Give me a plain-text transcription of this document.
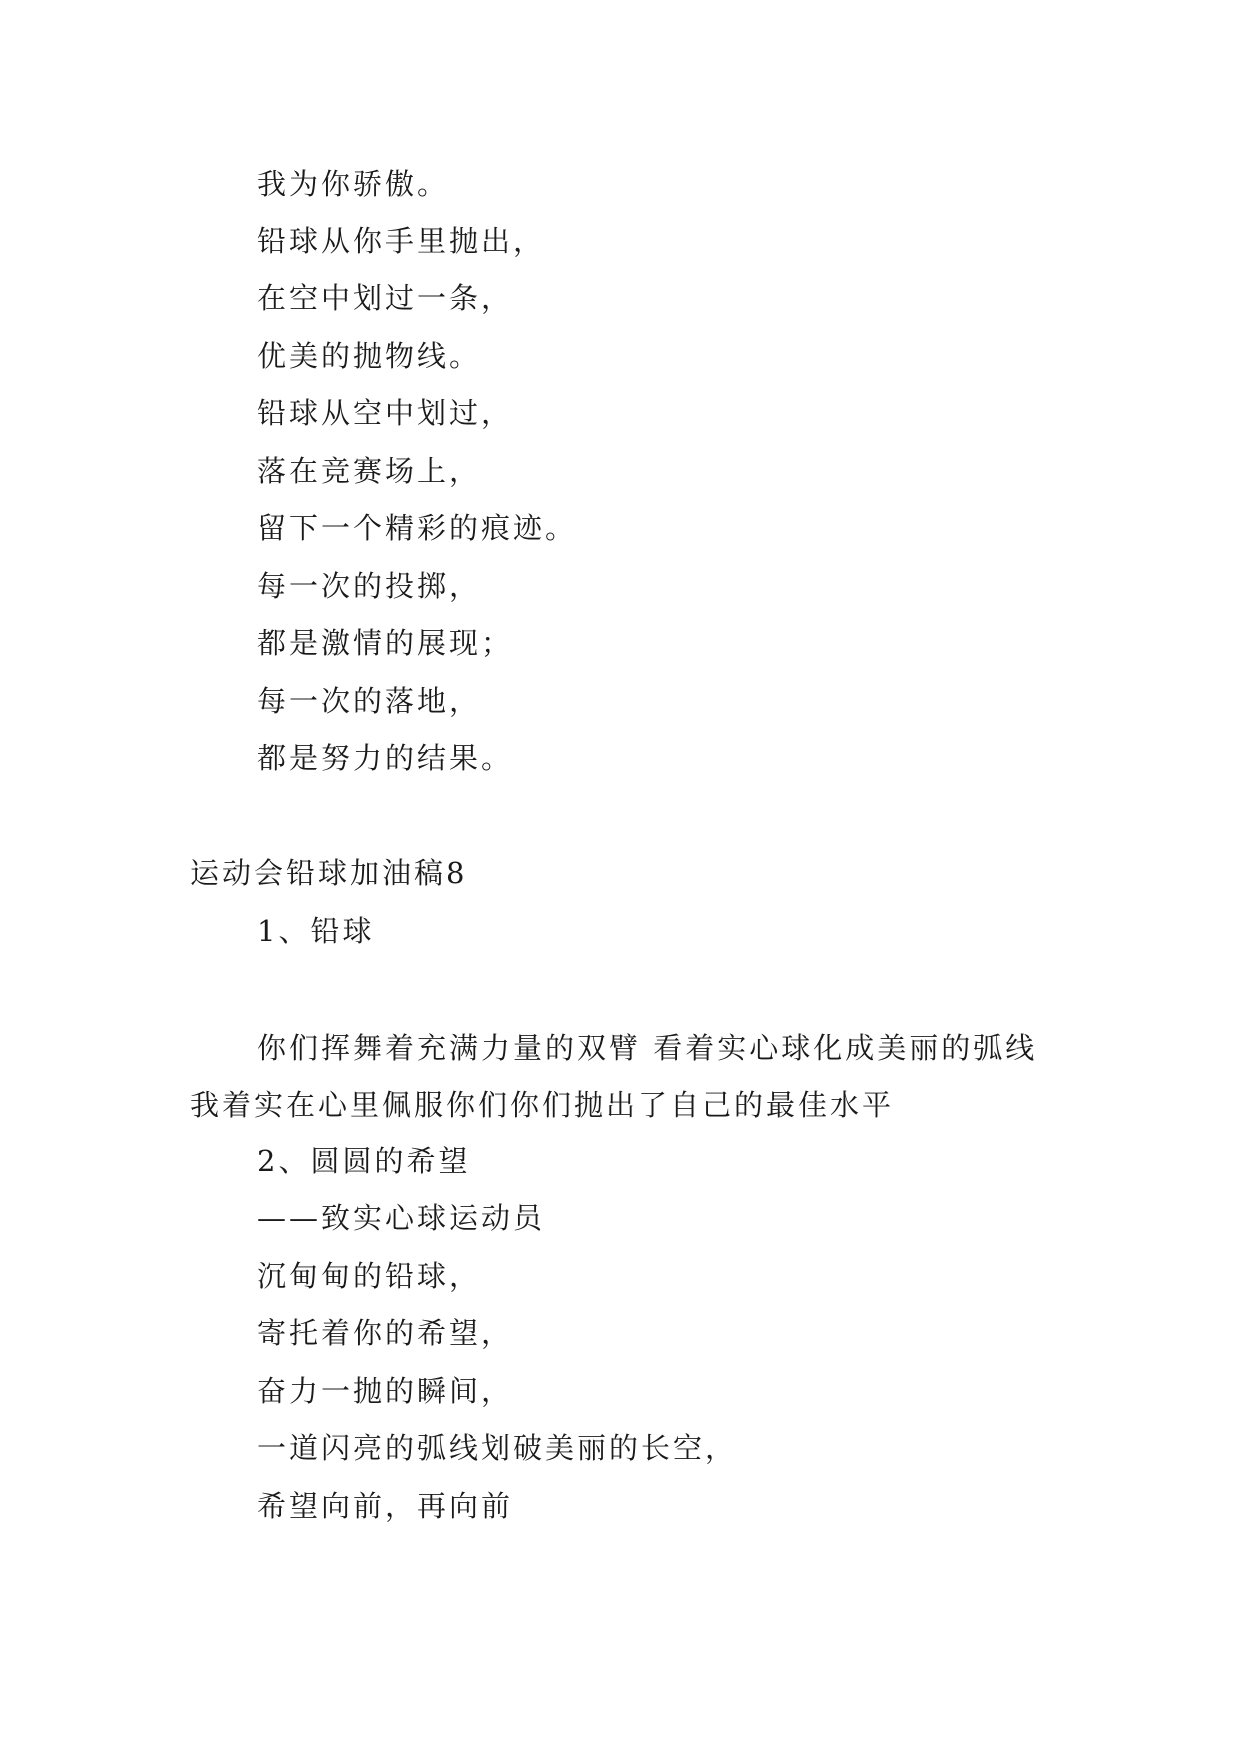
我为你骄傲。
铅球从你手里抛出，
在空中划过一条，
优美的抛物线。
铅球从空中划过，
落在竞赛场上，
留下一个精彩的痕迹。
每一次的投掷，
都是激情的展现；
每一次的落地，
都是努力的结果。
运动会铅球加油稿8
1、铅球
你们挥舞着充满力量的双臂 看着实心球化成美丽的弧线 我着实在心里佩服你们你们抛出了自己的最佳水平
2、圆圆的希望
——致实心球运动员
沉甸甸的铅球，
寄托着你的希望，
奋力一抛的瞬间，
一道闪亮的弧线划破美丽的长空，
希望向前，再向前
